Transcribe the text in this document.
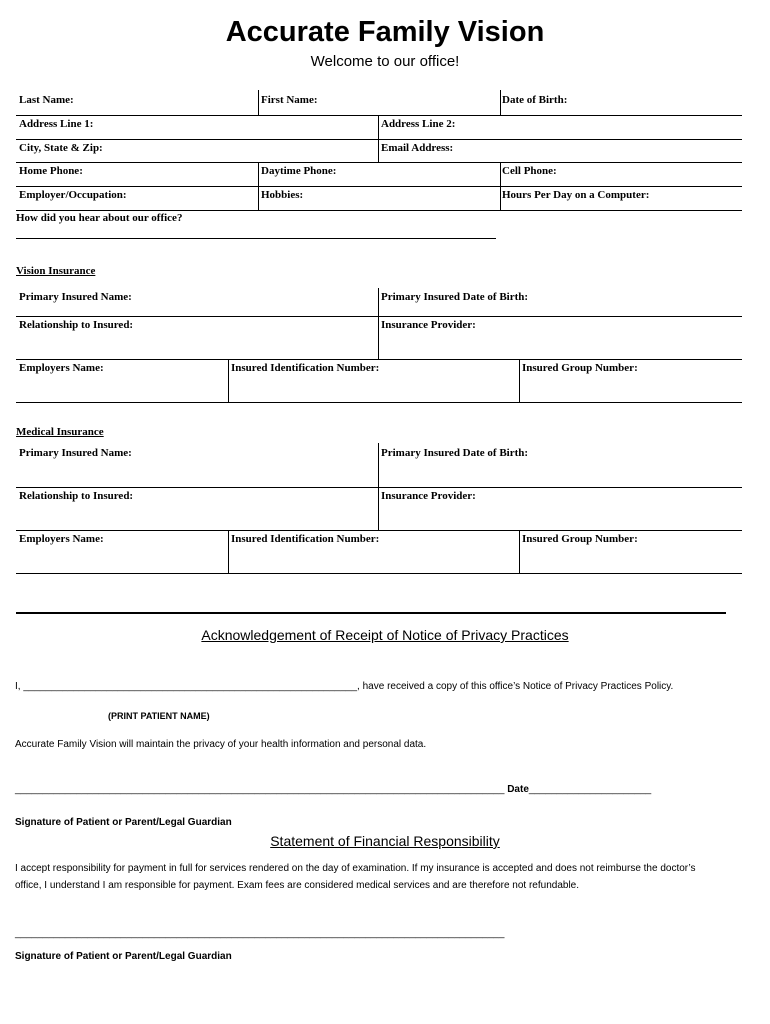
Accurate Family Vision
Welcome to our office!
Last Name:	First Name:	Date of Birth:
Address Line 1:	Address Line 2:
City, State & Zip:	Email Address:
Home Phone:	Daytime Phone:	Cell Phone:
Employer/Occupation:	Hobbies:	Hours Per Day on a Computer:
How did you hear about our office?
Vision Insurance
Primary Insured Name:	Primary Insured Date of Birth:
Relationship to Insured:	Insurance Provider:
Employers Name:	Insured Identification Number:	Insured Group Number:
Medical Insurance
Primary Insured Name:	Primary Insured Date of Birth:
Relationship to Insured:	Insurance Provider:
Employers Name:	Insured Identification Number:	Insured Group Number:
Acknowledgement of Receipt of Notice of Privacy Practices
I, ____________________________________________________________, have received a copy of this office’s Notice of Privacy Practices Policy.
(PRINT PATIENT NAME)
Accurate Family Vision will maintain the privacy of your health information and personal data.
________________________________________________________________________________________ Date______________________
Signature of Patient or Parent/Legal Guardian
Statement of Financial Responsibility
I accept responsibility for payment in full for services rendered on the day of examination. If my insurance is accepted and does not reimburse the doctor’s
office, I understand I am responsible for payment. Exam fees are considered medical services and are therefore not refundable.
________________________________________________________________________________________
Signature of Patient or Parent/Legal Guardian
